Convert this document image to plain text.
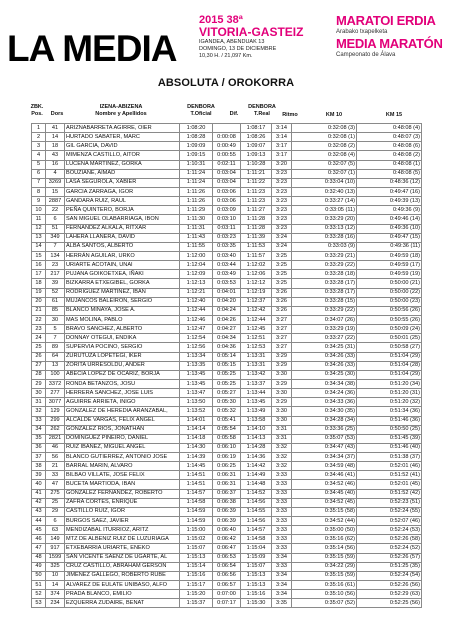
LA MEDIA
2015 38ª
VITORIA-GASTEIZ
IGANDEA, ABENDUAK 13
DOMINGO, 13 DE DICIEMBRE
10,30 H. / 21,097 Km.
MARATOI ERDIA
Arabako txapelketa
MEDIA MARATÓN
Campeonato de Álava
ABSOLUTA / OROKORRA
ZBK.
Pos.	Dors
IZENA-ABIZENA
Nombre y Apellidos
DENBORA
T.Oficial	Dif.
DENBORA
T.Real	Ritmo	KM 10	KM 15
1	41	ARIZNABARRETA AGIRRE, OIER	1:08:20		1:08:17	3:14	0:32:08 (3)	0:48:08 (4)
2	14	HURTADO SABATER, MARC	1:08:28	0:00:08	1:08:26	3:14	0:32:08 (1)	0:48:07 (3)
3	18	GIL GARCIA, DAVID	1:09:09	0:00:49	1:09:07	3:17	0:32:08 (2)	0:48:08 (6)
4	43	MIMENZA CASTILLO, AITOR	1:09:15	0:00:55	1:09:13	3:17	0:32:08 (4)	0:48:08 (2)
5	16	LUCENA MARTINEZ, GORKA	1:10:31	0:02:11	1:10:28	3:20	0:32:07 (5)	0:48:08 (1)
6	4	BOUZIANE, AIMAD	1:11:24	0:03:04	1:11:21	3:23	0:32:07 (1)	0:48:08 (5)
7	3269	LASA SEGUROLA, XABIER	1:11:24	0:03:04	1:11:22	3:23	0:33:04 (10)	0:48:36 (12)
8	15	GARCIA ZARRAGA, IGOR	1:11:26	0:03:06	1:11:23	3:23	0:32:40 (13)	0:49:47 (16)
9	2887	GANDARA RUIZ, RAUL	1:11:26	0:03:06	1:11:23	3:23	0:33:27 (14)	0:49:39 (13)
10	22	PEÑA QUINTERO, BORJA	1:11:29	0:03:09	1:11:27	3:23	0:33:05 (11)	0:49:36 (9)
11	6	SAN MIGUEL OLABARRIAGA, IBON	1:11:30	0:03:10	1:11:28	3:23	0:33:29 (20)	0:49:46 (14)
12	51	FERNANDEZ ALKALA, RITXAR	1:11:31	0:03:11	1:11:28	3:23	0:33:13 (12)	0:49:36 (10)
13	349	LAHERA LLANERA, DAVID	1:11:43	0:03:23	1:11:39	3:24	0:33:28 (16)	0:49:47 (15)
14	7	ALBA SANTOS, ALBERTO	1:11:55	0:03:35	1:11:53	3:24	0:33:03 (9)	0:49:36 (11)
15	134	HERRÁN AGUILAR, URKO	1:12:00	0:03:40	1:11:57	3:25	0:33:29 (21)	0:49:59 (18)
16	23	URIARTE ACOTAIN, UNAI	1:12:04	0:03:44	1:12:02	3:25	0:33:29 (22)	0:49:59 (17)
17	217	PUJANA GOIKOETXEA, IÑAKI	1:12:09	0:03:49	1:12:06	3:25	0:33:28 (18)	0:49:59 (19)
18	39	BIZKARRA ETXEGIBEL, GORKA	1:12:13	0:03:53	1:12:12	3:25	0:33:28 (17)	0:50:00 (21)
19	52	RODRIGUEZ MARTINEZ, IBAN	1:12:21	0:04:01	1:12:19	3:26	0:33:28 (17)	0:50:00 (22)
20	61	MUJANCOS BALEIRON, SERGIO	1:12:40	0:04:20	1:12:37	3:26	0:33:28 (15)	0:50:00 (23)
21	85	BLANCO MINAYA, JOSE A.	1:12:44	0:04:24	1:12:42	3:26	0:33:29 (22)	0:50:56 (26)
22	30	MAS MOLINA, PABLO	1:12:46	0:04:26	1:12:44	3:27	0:34:07 (26)	0:50:55 (26)
23	5	BRAVO SANCHEZ, ALBERTO	1:12:47	0:04:27	1:12:45	3:27	0:33:29 (19)	0:50:09 (24)
24	7	DONNAY OTEGUI, ENDIKA	1:12:54	0:04:34	1:12:51	3:27	0:33:27 (22)	0:50:01 (25)
25	89	SUPERVIA POCINO, SERGIO	1:12:56	0:04:36	1:12:53	3:27	0:34:25 (31)	0:50:58 (27)
26	64	ZURUTUZA LOPETEGI, IKER	1:13:34	0:05:14	1:13:31	3:29	0:34:26 (33)	0:51:04 (29)
27	13	ZORITA URRESOLDU, ANDER	1:13:35	0:05:15	1:13:31	3:29	0:34:26 (33)	0:51:04 (28)
28	100	ABECIA LÓPEZ DE OCÁRIZ, BORJA	1:13:45	0:05:25	1:13:42	3:30	0:34:25 (30)	0:51:04 (29)
29	3372	RONDA BETANZOS, JOSU	1:13:45	0:05:25	1:13:37	3:29	0:34:34 (38)	0:51:20 (34)
30	277	HERRERA SANCHEZ, JOSE LUIS	1:13:47	0:05:27	1:13:44	3:30	0:34:24 (36)	0:51:20 (31)
31	3077	AGUIRRE ARRIETA, INIGO	1:13:50	0:05:30	1:13:45	3:29	0:34:33 (36)	0:51:20 (32)
32	129	GONZALEZ DE HEREDIA ARANZABAL,	1:13:52	0:05:32	1:13:49	3:30	0:34:30 (35)	0:51:34 (36)
33	299	ALCALDE VARGAS, FELIX ANGEL	1:14:01	0:05:41	1:13:58	3:30	0:34:28 (34)	0:51:46 (36)
34	262	GONZALEZ RIOS, JONATHAN	1:14:14	0:05:54	1:14:10	3:31	0:33:36 (25)	0:50:50 (25)
35	2821	DOMINGUEZ PINEIRO, DANIEL	1:14:18	0:05:58	1:14:13	3:31	0:35:07 (53)	0:51:45 (39)
36	46	RUIZ IBAÑEZ, MIGUEL ANGEL	1:14:30	0:06:10	1:14:28	3:32	0:34:47 (43)	0:51:46 (40)
37	56	BLANCO GUTIERREZ, ANTONIO JOSE	1:14:39	0:06:19	1:14:36	3:32	0:34:34 (37)	0:51:38 (37)
38	21	BARRAL MARIN, ALVARO	1:14:45	0:06:25	1:14:42	3:32	0:34:59 (48)	0:52:01 (46)
39	33	BILBAO VILLATE, JOSE FELIX	1:14:51	0:06:31	1:14:49	3:33	0:34:46 (41)	0:51:52 (41)
40	47	BUCETA MARTIODA, IBAN	1:14:51	0:06:31	1:14:48	3:33	0:34:52 (46)	0:52:01 (45)
41	275	GONZALEZ FERNANDEZ, ROBERTO	1:14:57	0:06:37	1:14:52	3:33	0:34:45 (40)	0:51:52 (42)
42	25	ZAFRA CORTES, ENRIQUE	1:14:58	0:06:38	1:14:56	3:33	0:34:52 (45)	0:52:23 (51)
43	29	CASTILLO RUIZ, IGOR	1:14:59	0:06:39	1:14:55	3:33	0:35:15 (58)	0:52:24 (55)
44	6	BURGOS SAEZ, JAVIER	1:14:59	0:06:39	1:14:56	3:33	0:34:52 (44)	0:52:07 (46)
45	63	MENDIZABAL ITURRIOZ, ARITZ	1:15:00	0:06:40	1:14:57	3:33	0:35:00 (50)	0:52:24 (53)
46	149	MTZ DE ALBENIZ RUIZ DE LUZURIAGA	1:15:02	0:06:42	1:14:58	3:33	0:35:16 (62)	0:52:26 (58)
47	917	ETXEBARRIA URIARTE, ENEKO	1:15:07	0:06:47	1:15:04	3:33	0:35:14 (56)	0:52:24 (52)
48	1599	SAN VICENTE SAENZ DE UGARTE, AL	1:15:13	0:06:53	1:15:09	3:34	0:35:15 (59)	0:52:26 (57)
49	325	CRUZ CASTILLO, ABRAHAM GERSON	1:15:14	0:06:54	1:15:07	3:33	0:34:22 (29)	0:51:25 (35)
50	10	JIMENEZ GALLEGO, ROBERTO RUBE	1:15:16	0:06:56	1:15:13	3:34	0:35:15 (59)	0:52:24 (54)
51	14	ALVAREZ DE EULATE UNIBASO, ALFO	1:15:17	0:06:57	1:15:13	3:34	0:35:16 (61)	0:52:26 (56)
52	374	PRADA BLANCO, EMILIO	1:15:20	0:07:00	1:15:16	3:34	0:35:10 (56)	0:52:29 (63)
53	234	EZQUERRA ZUDAIRE, BENAT	1:15:37	0:07:17	1:15:30	3:35	0:35:07 (52)	0:52:25 (56)
